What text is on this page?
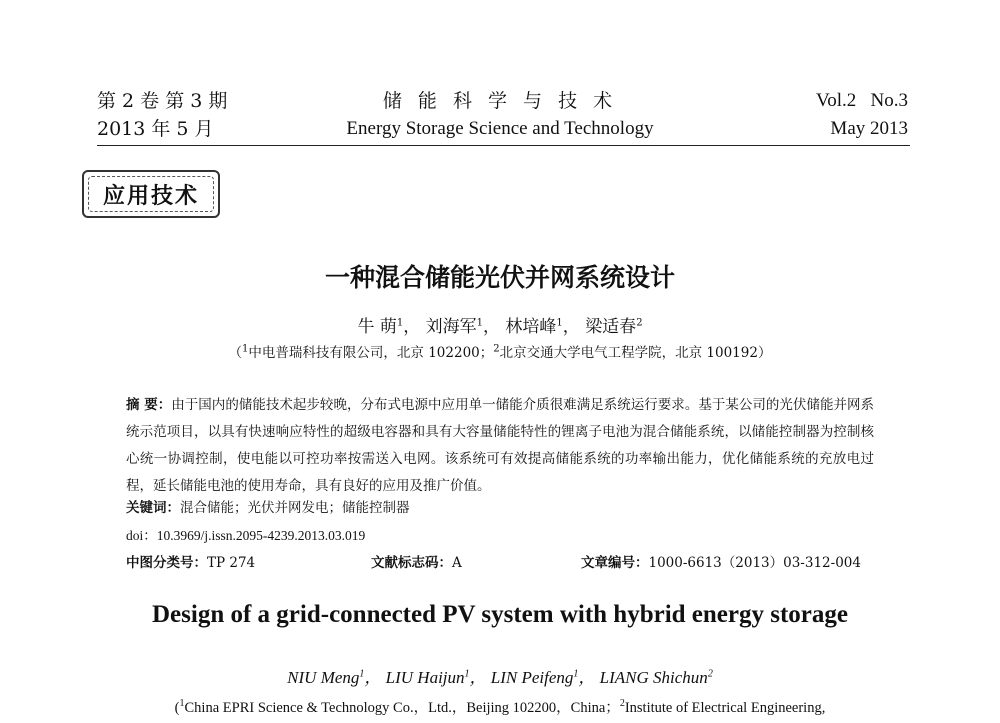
第 2 卷 第 3 期
2013 年 5 月
储 能 科 学 与 技 术
Energy Storage Science and Technology
Vol.2   No.3
May 2013
应用技术
一种混合储能光伏并网系统设计
牛 萌$^1$， 刘海军$^1$， 林培峰$^1$， 梁适春$^2$
（$^1$中电普瑞科技有限公司，北京 102200；$^2$北京交通大学电气工程学院，北京 100192）
摘 要：由于国内的储能技术起步较晚，分布式电源中应用单一储能介质很难满足系统运行要求。基于某公司的光伏储能并网系统示范项目，以具有快速响应特性的超级电容器和具有大容量储能特性的锂离子电池为混合储能系统，以储能控制器为控制核心统一协调控制，使电能以可控功率按需送入电网。该系统可有效提高储能系统的功率输出能力，优化储能系统的充放电过程，延长储能电池的使用寿命，具有良好的应用及推广价值。
关键词：混合储能；光伏并网发电；储能控制器
doi：10.3969/j.issn.2095-4239.2013.03.019
中图分类号：TP 274	文献标志码：A	文章编号：1000-6613（2013）03-312-004
Design of a grid-connected PV system with hybrid energy storage
NIU Meng$^1$， LIU Haijun$^1$， LIN Peifeng$^1$， LIANG Shichun$^2$
($^1$China EPRI Science & Technology Co.，Ltd.，Beijing 102200，China；$^2$Institute of Electrical Engineering,
